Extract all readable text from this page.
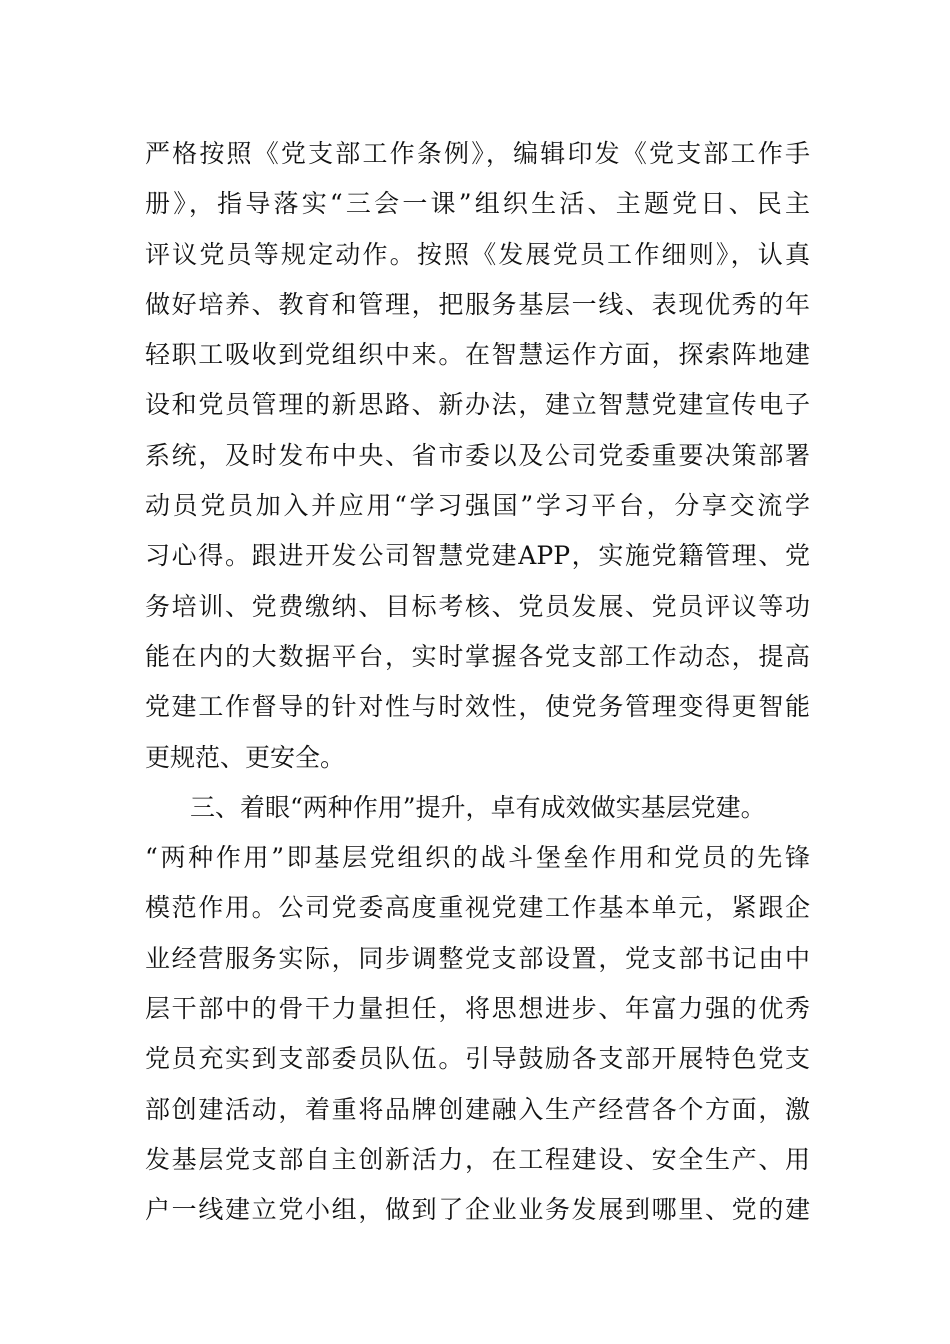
严格按照《党支部工作条例》，编辑印发《党支部工作手
册》，指导落实“三会一课”组织生活、主题党日、民主
评议党员等规定动作。按照《发展党员工作细则》，认真
做好培养、教育和管理，把服务基层一线、表现优秀的年
轻职工吸收到党组织中来。在智慧运作方面，探索阵地建
设和党员管理的新思路、新办法，建立智慧党建宣传电子
系统，及时发布中央、省市委以及公司党委重要决策部署
动员党员加入并应用“学习强国”学习平台，分享交流学
习心得。跟进开发公司智慧党建APP，实施党籍管理、党
务培训、党费缴纳、目标考核、党员发展、党员评议等功
能在内的大数据平台，实时掌握各党支部工作动态，提高
党建工作督导的针对性与时效性，使党务管理变得更智能
更规范、更安全。
三、着眼“两种作用”提升，卓有成效做实基层党建。
“两种作用”即基层党组织的战斗堡垒作用和党员的先锋
模范作用。公司党委高度重视党建工作基本单元，紧跟企
业经营服务实际，同步调整党支部设置，党支部书记由中
层干部中的骨干力量担任，将思想进步、年富力强的优秀
党员充实到支部委员队伍。引导鼓励各支部开展特色党支
部创建活动，着重将品牌创建融入生产经营各个方面，激
发基层党支部自主创新活力，在工程建设、安全生产、用
户一线建立党小组，做到了企业业务发展到哪里、党的建
